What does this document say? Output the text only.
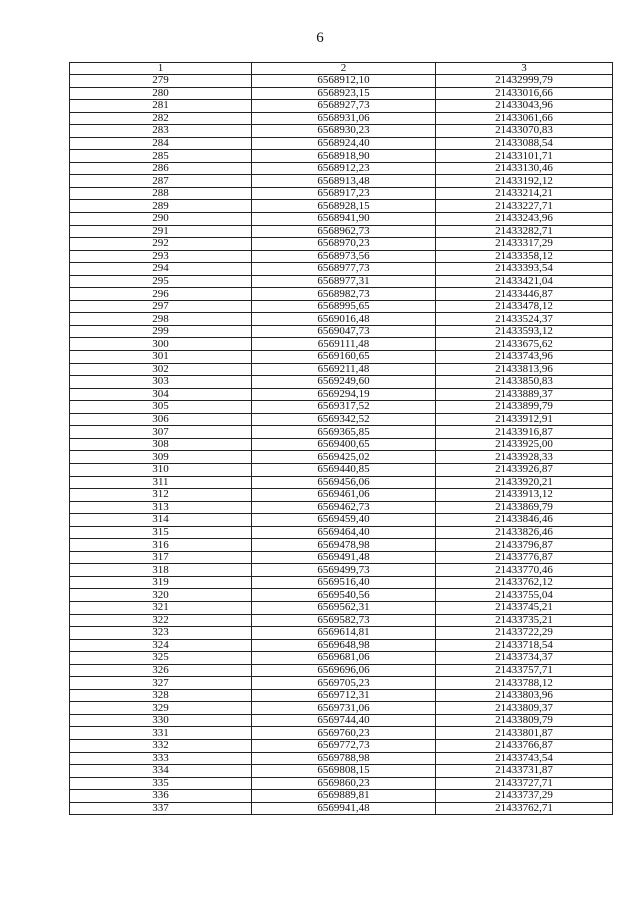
6
1	2	3
279	6568912,10	21432999,79
280	6568923,15	21433016,66
281	6568927,73	21433043,96
282	6568931,06	21433061,66
283	6568930,23	21433070,83
284	6568924,40	21433088,54
285	6568918,90	21433101,71
286	6568912,23	21433130,46
287	6568913,48	21433192,12
288	6568917,23	21433214,21
289	6568928,15	21433227,71
290	6568941,90	21433243,96
291	6568962,73	21433282,71
292	6568970,23	21433317,29
293	6568973,56	21433358,12
294	6568977,73	21433393,54
295	6568977,31	21433421,04
296	6568982,73	21433446,87
297	6568995,65	21433478,12
298	6569016,48	21433524,37
299	6569047,73	21433593,12
300	6569111,48	21433675,62
301	6569160,65	21433743,96
302	6569211,48	21433813,96
303	6569249,60	21433850,83
304	6569294,19	21433889,37
305	6569317,52	21433899,79
306	6569342,52	21433912,91
307	6569365,85	21433916,87
308	6569400,65	21433925,00
309	6569425,02	21433928,33
310	6569440,85	21433926,87
311	6569456,06	21433920,21
312	6569461,06	21433913,12
313	6569462,73	21433869,79
314	6569459,40	21433846,46
315	6569464,40	21433826,46
316	6569478,98	21433796,87
317	6569491,48	21433776,87
318	6569499,73	21433770,46
319	6569516,40	21433762,12
320	6569540,56	21433755,04
321	6569562,31	21433745,21
322	6569582,73	21433735,21
323	6569614,81	21433722,29
324	6569648,98	21433718,54
325	6569681,06	21433734,37
326	6569696,06	21433757,71
327	6569705,23	21433788,12
328	6569712,31	21433803,96
329	6569731,06	21433809,37
330	6569744,40	21433809,79
331	6569760,23	21433801,87
332	6569772,73	21433766,87
333	6569788,98	21433743,54
334	6569808,15	21433731,87
335	6569860,23	21433727,71
336	6569889,81	21433737,29
337	6569941,48	21433762,71
